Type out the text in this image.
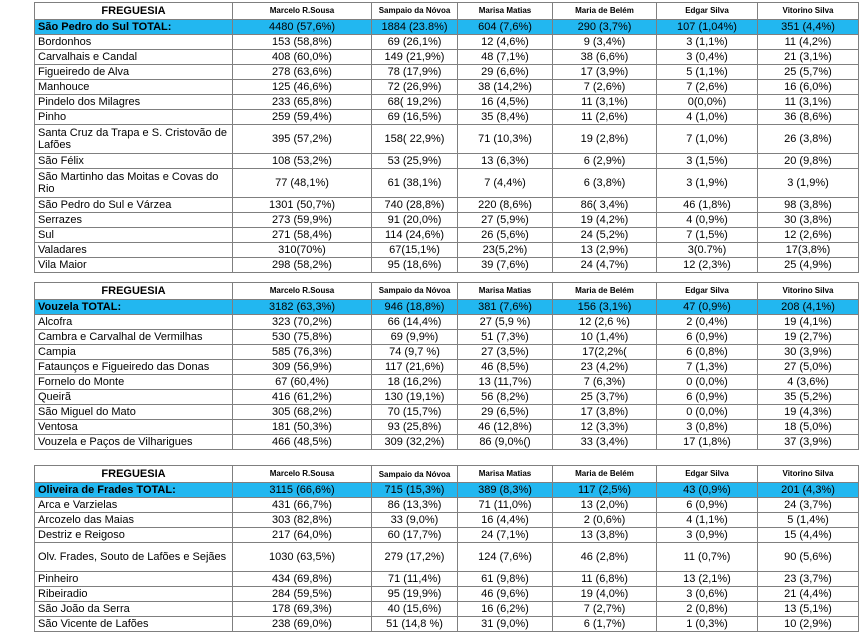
FREGUESIA	Marcelo R.Sousa	Sampaio da Nóvoa	Marisa Matias	Maria de Belém	Edgar Silva	Vitorino Silva
São Pedro do Sul TOTAL:	4480 (57,6%)	1884 (23.8%)	604 (7,6%)	290 (3,7%)	107 (1,04%)	351 (4,4%)
Bordonhos	153 (58,8%)	69 (26,1%)	12 (4,6%)	9 (3,4%)	3 (1,1%)	11 (4,2%)
Carvalhais e Candal	408 (60,0%)	149 (21,9%)	48 (7,1%)	38 (6,6%)	3 (0,4%)	21 (3,1%)
Figueiredo de Alva	278 (63,6%)	78 (17,9%)	29 (6,6%)	17 (3,9%)	5 (1,1%)	25 (5,7%)
Manhouce	125 (46,6%)	72 (26,9%)	38 (14,2%)	7 (2,6%)	7 (2,6%)	16 (6,0%)
Pindelo dos Milagres	233 (65,8%)	68( 19,2%)	16 (4,5%)	11 (3,1%)	0(0,0%)	11 (3,1%)
Pinho	259 (59,4%)	69 (16,5%)	35 (8,4%)	11 (2,6%)	4 (1,0%)	36 (8,6%)
Santa Cruz da Trapa e S. Cristovão de Lafões	395 (57,2%)	158( 22,9%)	71 (10,3%)	19 (2,8%)	7 (1,0%)	26 (3,8%)
São Félix	108 (53,2%)	53 (25,9%)	13 (6,3%)	6 (2,9%)	3 (1,5%)	20 (9,8%)
São Martinho das Moitas e Covas do Rio	77 (48,1%)	61 (38,1%)	7 (4,4%)	6 (3,8%)	3 (1,9%)	3 (1,9%)
São Pedro do Sul e Várzea	1301 (50,7%)	740 (28,8%)	220 (8,6%)	86( 3,4%)	46 (1,8%)	98 (3,8%)
Serrazes	273 (59,9%)	91 (20,0%)	27 (5,9%)	19 (4,2%)	4 (0,9%)	30 (3,8%)
Sul	271 (58,4%)	114 (24,6%)	26 (5,6%)	24 (5,2%)	7 (1,5%)	12 (2,6%)
Valadares	310(70%)	67(15,1%)	23(5,2%)	13 (2,9%)	3(0.7%)	17(3,8%)
Vila Maior	298 (58,2%)	95 (18,6%)	39 (7,6%)	24 (4,7%)	12 (2,3%)	25 (4,9%)
FREGUESIA	Marcelo R.Sousa	Sampaio da Nóvoa	Marisa Matias	Maria de Belém	Edgar Silva	Vitorino Silva
Vouzela TOTAL:	3182 (63,3%)	946 (18,8%)	381 (7,6%)	156 (3,1%)	47 (0,9%)	208 (4,1%)
Alcofra	323 (70,2%)	66 (14,4%)	27 (5,9 %)	12 (2,6 %)	2 (0,4%)	19 (4,1%)
Cambra e Carvalhal de Vermilhas	530 (75,8%)	69 (9,9%)	51 (7,3%)	10 (1,4%)	6 (0,9%)	19 (2,7%)
Campia	585 (76,3%)	74 (9,7 %)	27 (3,5%)	17(2,2%(	6 (0,8%)	30 (3,9%)
Fataunços e Figueiredo das Donas	309 (56,9%)	117 (21,6%)	46 (8,5%)	23 (4,2%)	7 (1,3%)	27 (5,0%)
Fornelo do Monte	67 (60,4%)	18 (16,2%)	13 (11,7%)	7 (6,3%)	0 (0,0%)	4 (3,6%)
Queirã	416 (61,2%)	130 (19,1%)	56 (8,2%)	25 (3,7%)	6 (0,9%)	35 (5,2%)
São Miguel do Mato	305 (68,2%)	70 (15,7%)	29 (6,5%)	17 (3,8%)	0 (0,0%)	19 (4,3%)
Ventosa	181 (50,3%)	93 (25,8%)	46 (12,8%)	12 (3,3%)	3 (0,8%)	18 (5,0%)
Vouzela e Paços de Vilharigues	466 (48,5%)	309 (32,2%)	86 (9,0%()	33 (3,4%)	17 (1,8%)	37 (3,9%)
FREGUESIA	Marcelo R.Sousa	Sampaio da Nóvoa	Marisa Matias	Maria de Belém	Edgar Silva	Vitorino Silva
Oliveira de Frades TOTAL:	3115 (66,6%)	715 (15,3%)	389 (8,3%)	117 (2,5%)	43 (0,9%)	201 (4,3%)
Arca e Varzielas	431 (66,7%)	86 (13,3%)	71 (11,0%)	13 (2,0%)	6 (0,9%)	24 (3,7%)
Arcozelo das Maias	303 (82,8%)	33 (9,0%)	16 (4,4%)	2 (0,6%)	4 (1,1%)	5 (1,4%)
Destriz e Reigoso	217 (64,0%)	60 (17,7%)	24 (7,1%)	13 (3,8%)	3 (0,9%)	15 (4,4%)
Olv. Frades, Souto de Lafões e Sejães	1030 (63,5%)	279 (17,2%)	124 (7,6%)	46 (2,8%)	11 (0,7%)	90 (5,6%)
Pinheiro	434 (69,8%)	71 (11,4%)	61 (9,8%)	11 (6,8%)	13 (2,1%)	23 (3,7%)
Ribeiradio	284 (59,5%)	95 (19,9%)	46 (9,6%)	19 (4,0%)	3 (0,6%)	21 (4,4%)
São João da Serra	178 (69,3%)	40 (15,6%)	16 (6,2%)	7 (2,7%)	2 (0,8%)	13 (5,1%)
São Vicente de Lafões	238 (69,0%)	51 (14,8 %)	31 (9,0%)	6 (1,7%)	1 (0,3%)	10 (2,9%)
